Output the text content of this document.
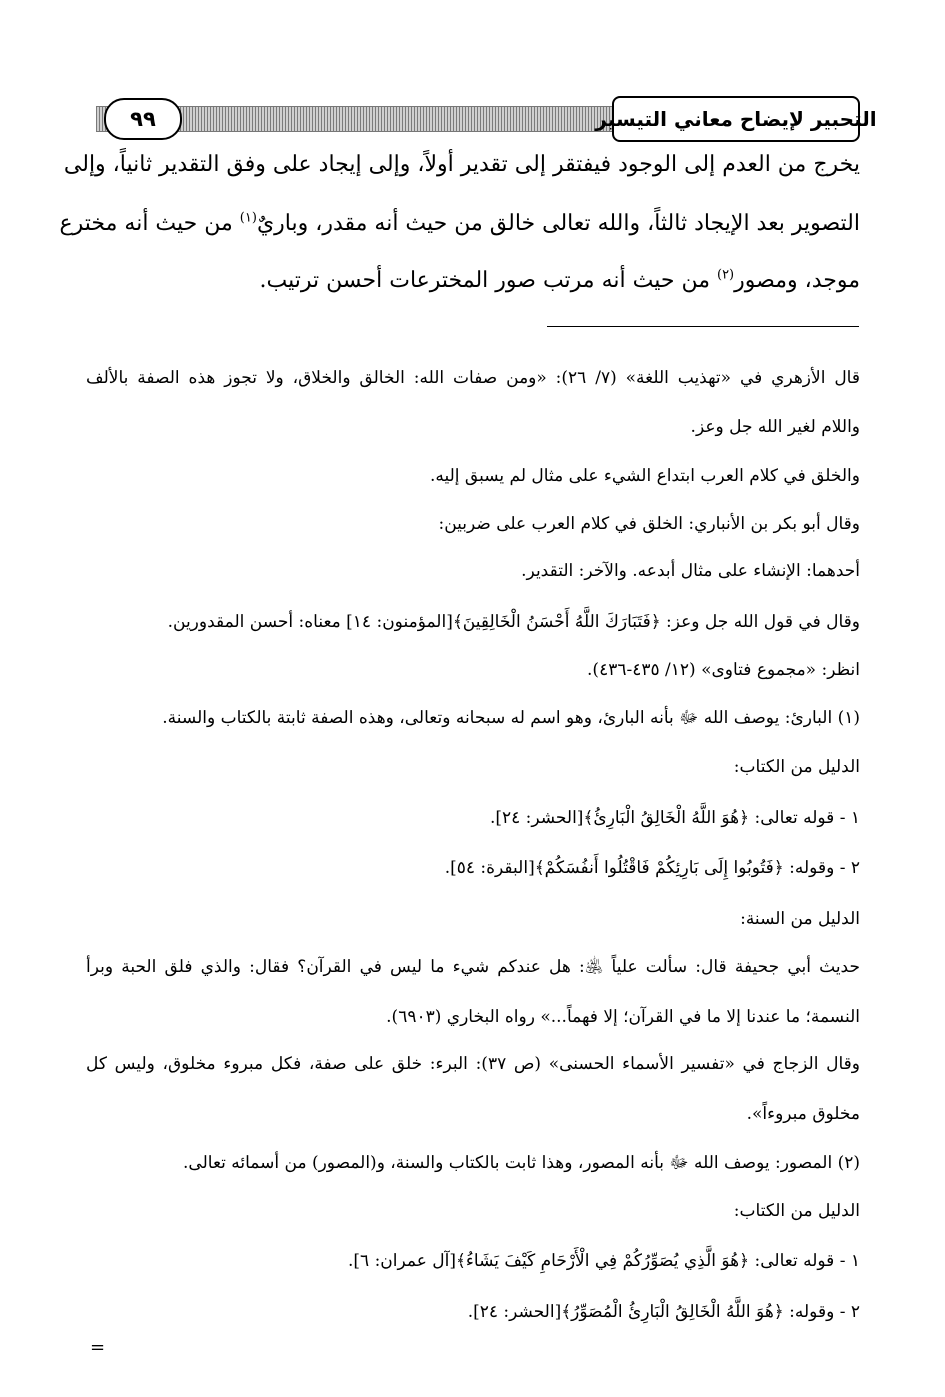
٩٩	التحبير لإيضاح معاني التيسير
يخرج من العدم إلى الوجود فيفتقر إلى تقدير أولاً، وإلى إيجاد على وفق التقدير ثانياً، وإلى
التصوير بعد الإيجاد ثالثاً، والله تعالى خالق من حيث أنه مقدر، وباريٌ$^{(١)}$ من حيث أنه مخترع
موجد، ومصور$^{(٢)}$ من حيث أنه مرتب صور المخترعات أحسن ترتيب.
قال الأزهري في «تهذيب اللغة» (٧/ ٢٦): «ومن صفات الله: الخالق والخلاق، ولا تجوز هذه الصفة بالألف
واللام لغير الله جل وعز.
والخلق في كلام العرب ابتداع الشيء على مثال لم يسبق إليه.
وقال أبو بكر بن الأنباري: الخلق في كلام العرب على ضربين:
أحدهما: الإنشاء على مثال أبدعه. والآخر: التقدير.
وقال في قول الله جل وعز: ﴿فَتَبَارَكَ اللَّهُ أَحْسَنُ الْخَالِقِينَ﴾[المؤمنون: ١٤] معناه: أحسن المقدورين.
انظر: «مجموع فتاوى» (١٢/ ٤٣٥-٤٣٦).
(١) البارئ: يوصف الله ﷻ بأنه البارئ، وهو اسم له سبحانه وتعالى، وهذه الصفة ثابتة بالكتاب والسنة.
الدليل من الكتاب:
١ - قوله تعالى: ﴿هُوَ اللَّهُ الْخَالِقُ الْبَارِئُ﴾[الحشر: ٢٤].
٢ - وقوله: ﴿فَتُوبُوا إِلَى بَارِئِكُمْ فَاقْتُلُوا أَنفُسَكُمْ﴾[البقرة: ٥٤].
الدليل من السنة:
حديث أبي جحيفة قال: سألت علياً ﵁: هل عندكم شيء ما ليس في القرآن؟ فقال: والذي فلق الحبة وبرأ
النسمة؛ ما عندنا إلا ما في القرآن؛ إلا فهماً...» رواه البخاري (٦٩٠٣).
وقال الزجاج في «تفسير الأسماء الحسنى» (ص ٣٧): البرء: خلق على صفة، فكل مبروء مخلوق، وليس كل
مخلوق مبروءاً».
(٢) المصور: يوصف الله ﷻ بأنه المصور، وهذا ثابت بالكتاب والسنة، و(المصور) من أسمائه تعالى.
الدليل من الكتاب:
١ - قوله تعالى: ﴿هُوَ الَّذِي يُصَوِّرُكُمْ فِي الْأَرْحَامِ كَيْفَ يَشَاءُ﴾[آل عمران: ٦].
٢ - وقوله: ﴿هُوَ اللَّهُ الْخَالِقُ الْبَارِئُ الْمُصَوِّرُ﴾[الحشر: ٢٤].
=
